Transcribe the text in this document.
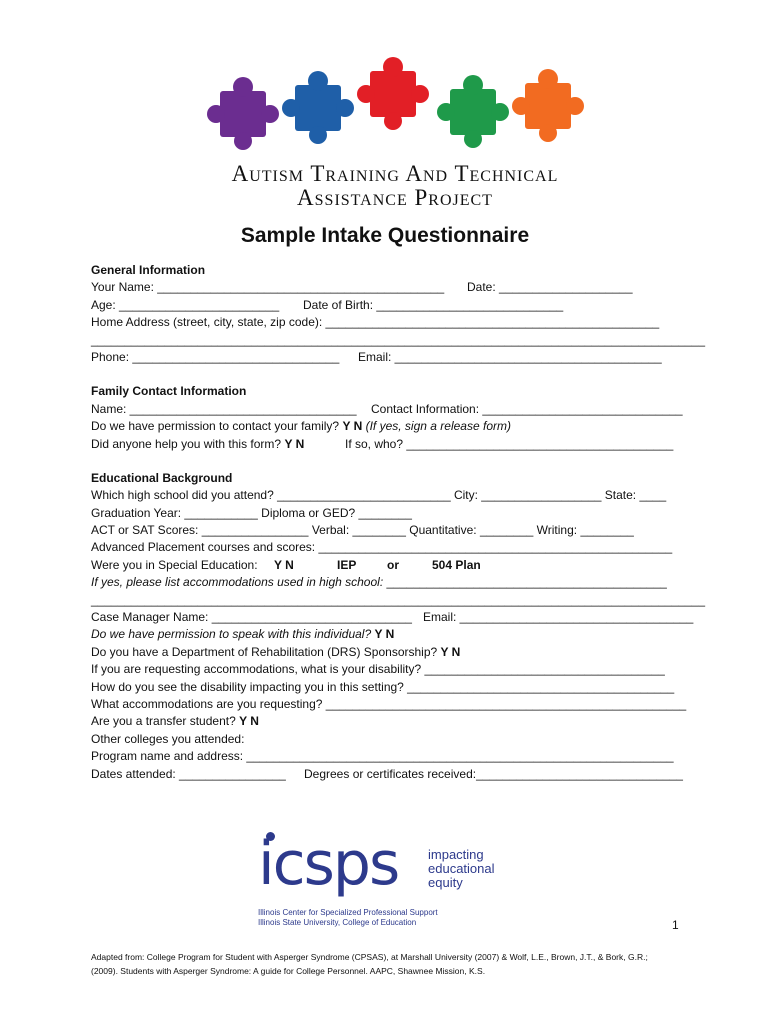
Autism Training And Technical
Assistance Project
Sample Intake Questionnaire
General Information
Your Name: ___________________________________________ Date: ____________________
Age: ________________________ Date of Birth: ____________________________
Home Address (street, city, state, zip code): __________________________________________________
____________________________________________________________________________________________
Phone: _______________________________ Email: ________________________________________
Family Contact Information
Name: __________________________________ Contact Information: ______________________________
Do we have permission to contact your family? Y N (If yes, sign a release form)
Did anyone help you with this form? Y N	If so, who? ________________________________________
Educational Background
Which high school did you attend? __________________________ City: __________________ State: ____
Graduation Year: ___________ Diploma or GED? ________
ACT or SAT Scores: ________________ Verbal: ________ Quantitative: ________ Writing: ________
Advanced Placement courses and scores: _____________________________________________________
Were you in Special Education: Y N	IEP	or	504 Plan
If yes, please list accommodations used in high school: __________________________________________
____________________________________________________________________________________________
Case Manager Name: ______________________________ Email: ___________________________________
Do we have permission to speak with this individual? Y N
Do you have a Department of Rehabilitation (DRS) Sponsorship? Y N
If you are requesting accommodations, what is your disability? ____________________________________
How do you see the disability impacting you in this setting? ________________________________________
What accommodations are you requesting? ______________________________________________________
Are you a transfer student? Y N
Other colleges you attended:
Program name and address: ________________________________________________________________
Dates attended: ________________ Degrees or certificates received:_______________________________
icsps impacting
educational
equity
Illinois Center for Specialized Professional Support
Illinois State University, College of Education	1
Adapted from: College Program for Student with Asperger Syndrome (CPSAS), at Marshall University (2007) & Wolf, L.E., Brown, J.T., & Bork, G.R.;
(2009). Students with Asperger Syndrome: A guide for College Personnel. AAPC, Shawnee Mission, K.S.
